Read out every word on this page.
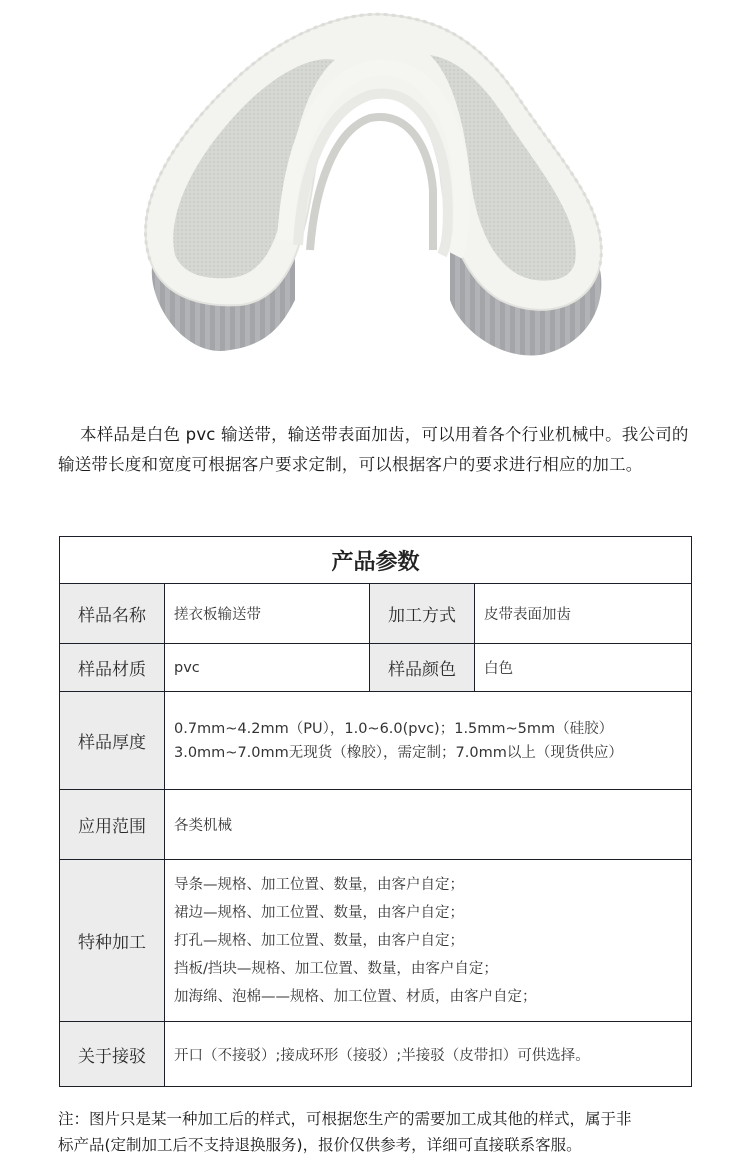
本样品是白色 pvc 输送带，输送带表面加齿，可以用着各个行业机械中。我公司的输送带长度和宽度可根据客户要求定制，可以根据客户的要求进行相应的加工。

产品参数			
样品名称	搓衣板输送带	加工方式	皮带表面加齿
样品材质	pvc	样品颜色	白色
样品厚度	0.7mm~4.2mm（PU），1.0~6.0(pvc)；1.5mm~5mm（硅胶）
3.0mm~7.0mm无现货（橡胶），需定制；7.0mm以上（现货供应）		

应用范围	各类机械		
特种加工	导条—规格、加工位置、数量，由客户自定；
裙边—规格、加工位置、数量，由客户自定；
打孔—规格、加工位置、数量，由客户自定；
挡板/挡块—规格、加工位置、数量，由客户自定；
加海绵、泡棉——规格、加工位置、材质，由客户自定；		

关于接驳	开口（不接驳）;接成环形（接驳）;半接驳（皮带扣）可供选择。		

注：图片只是某一种加工后的样式，可根据您生产的需要加工成其他的样式，属于非

标产品(定制加工后不支持退换服务)，报价仅供参考，详细可直接联系客服。
